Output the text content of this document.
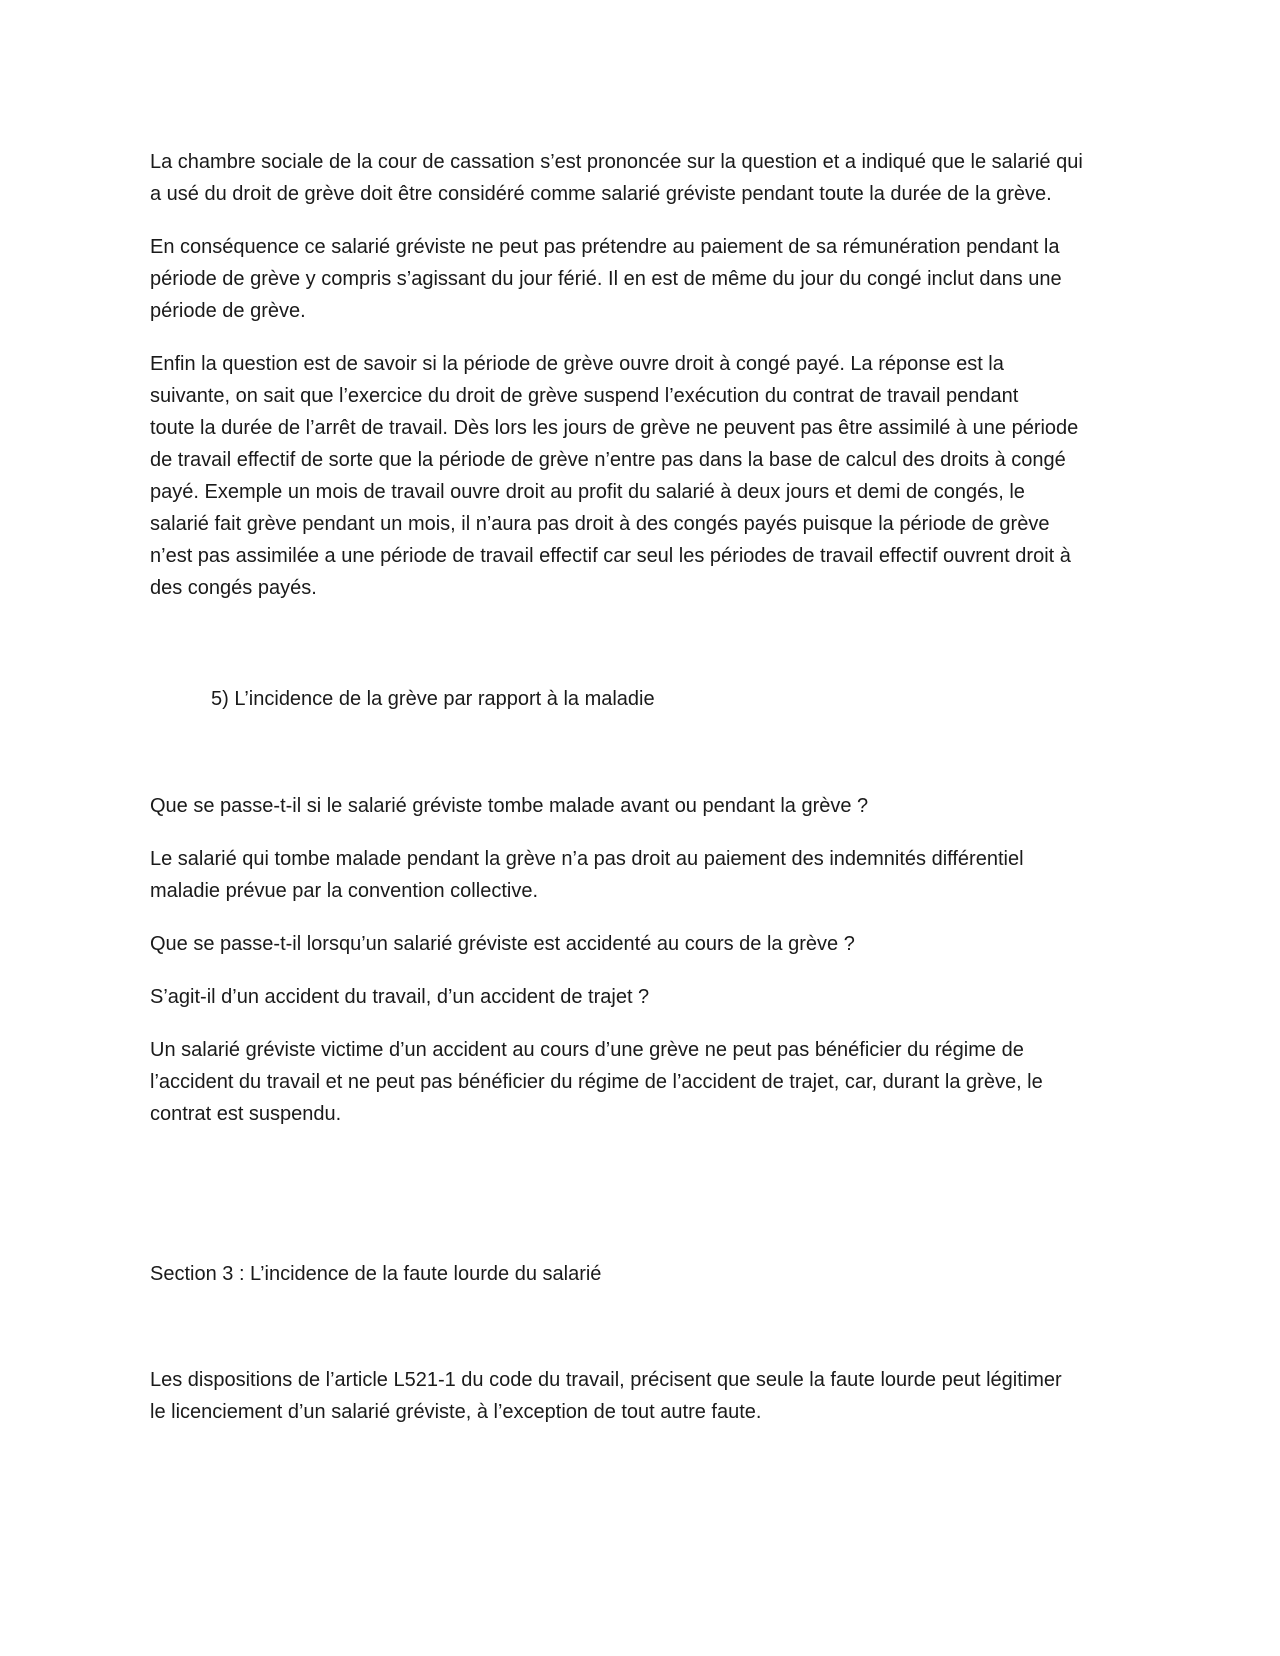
La chambre sociale de la cour de cassation s’est prononcée sur la question et a indiqué que le salarié qui
a usé du droit de grève doit être considéré comme salarié gréviste pendant toute la durée de la grève.

En conséquence ce salarié gréviste ne peut pas prétendre au paiement de sa rémunération pendant la
période de grève y compris s’agissant du jour férié. Il en est de même du jour du congé inclut dans une
période de grève.

Enfin la question est de savoir si la période de grève ouvre droit à congé payé. La réponse est la
suivante, on sait que l’exercice du droit de grève suspend l’exécution du contrat de travail pendant
toute la durée de l’arrêt de travail. Dès lors les jours de grève ne peuvent pas être assimilé à une période
de travail effectif de sorte que la période de grève n’entre pas dans la base de calcul des droits à congé
payé. Exemple un mois de travail ouvre droit au profit du salarié à deux jours et demi de congés, le
salarié fait grève pendant un mois, il n’aura pas droit à des congés payés puisque la période de grève
n’est pas assimilée a une période de travail effectif car seul les périodes de travail effectif ouvrent droit à
des congés payés.

5) L’incidence de la grève par rapport à la maladie

Que se passe-t-il si le salarié gréviste tombe malade avant ou pendant la grève ?

Le salarié qui tombe malade pendant la grève n’a pas droit au paiement des indemnités différentiel
maladie prévue par la convention collective.

Que se passe-t-il lorsqu’un salarié gréviste est accidenté au cours de la grève ?

S’agit-il d’un accident du travail, d’un accident de trajet ?

Un salarié gréviste victime d’un accident au cours d’une grève ne peut pas bénéficier du régime de
l’accident du travail et ne peut pas bénéficier du régime de l’accident de trajet, car, durant la grève, le
contrat est suspendu.

Section 3 : L’incidence de la faute lourde du salarié

Les dispositions de l’article L521-1 du code du travail, précisent que seule la faute lourde peut légitimer
le licenciement d’un salarié gréviste, à l’exception de tout autre faute.
